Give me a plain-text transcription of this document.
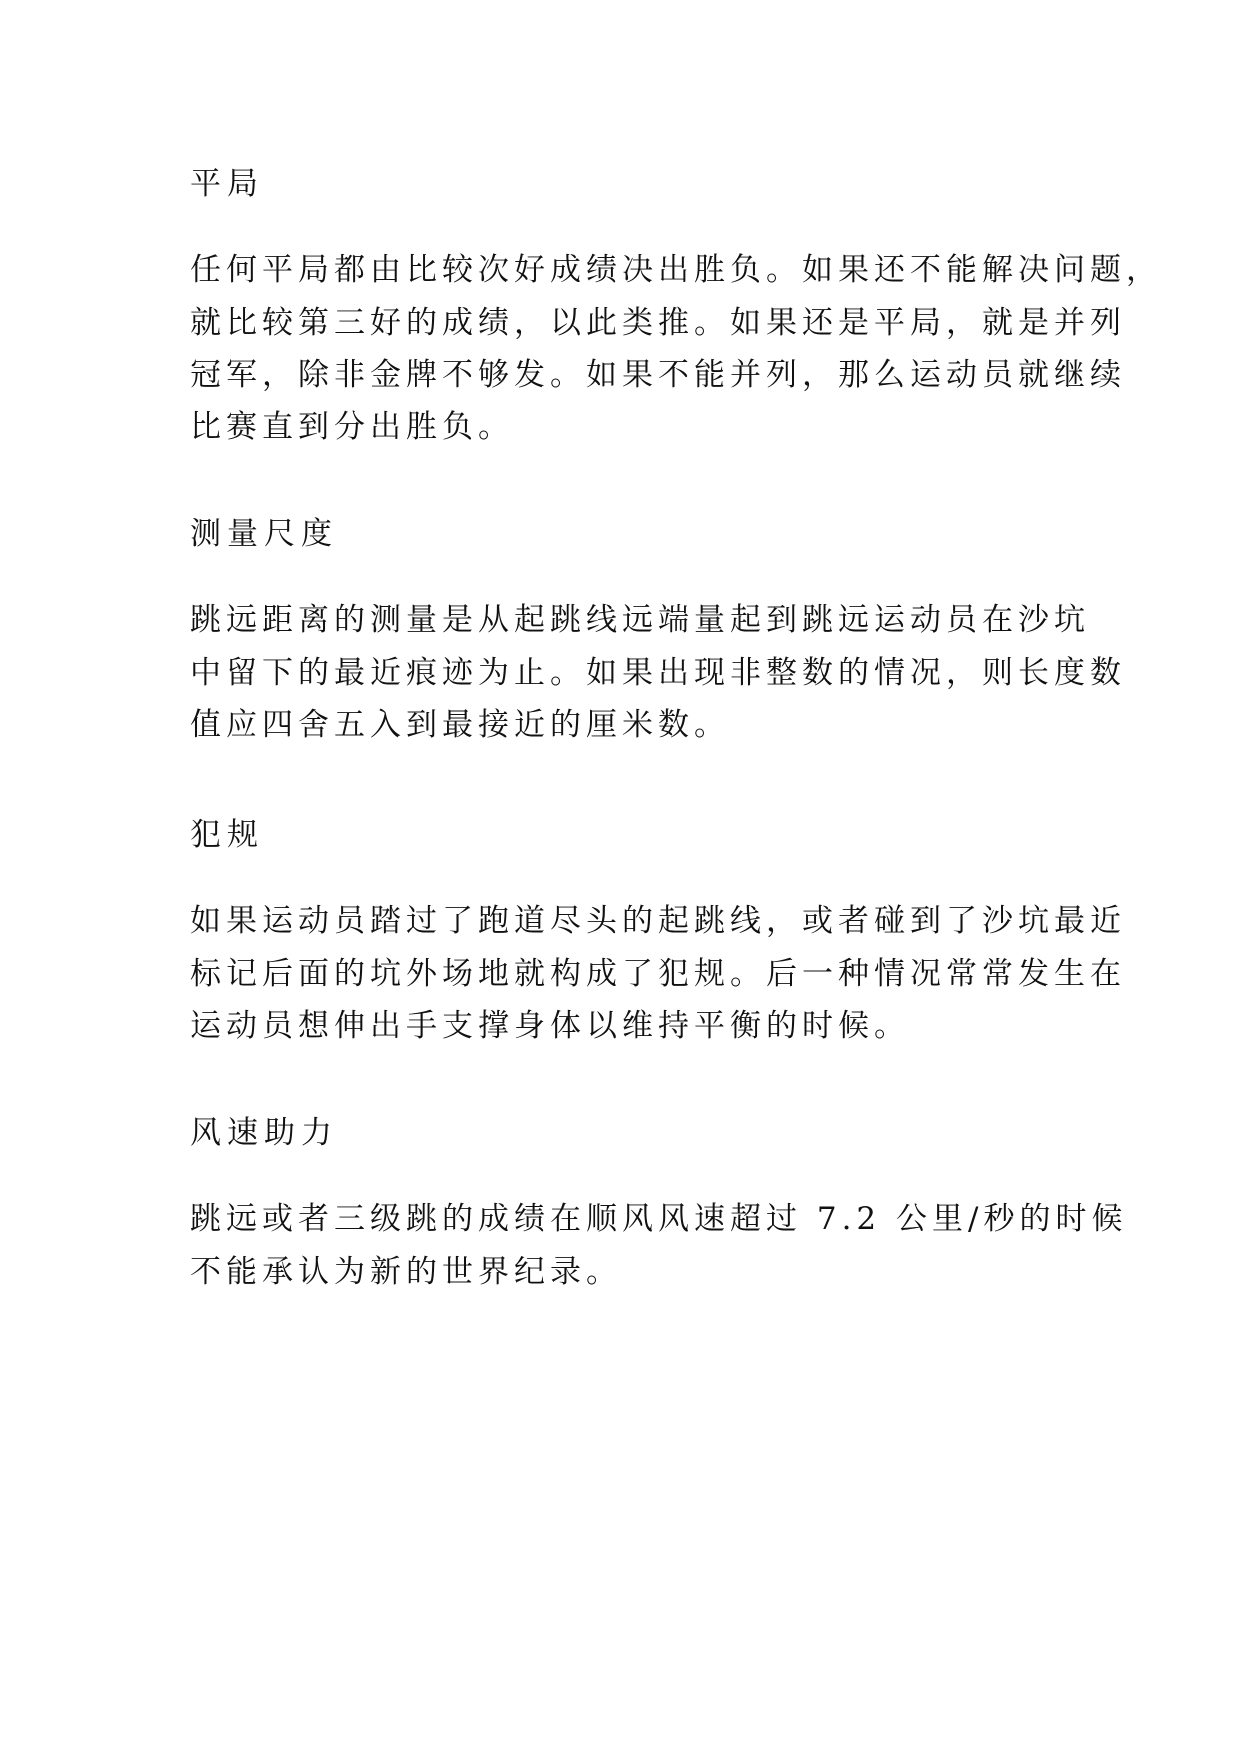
平局
任何平局都由比较次好成绩决出胜负。如果还不能解决问题，
就比较第三好的成绩，以此类推。如果还是平局，就是并列
冠军，除非金牌不够发。如果不能并列，那么运动员就继续
比赛直到分出胜负。
测量尺度
跳远距离的测量是从起跳线远端量起到跳远运动员在沙坑
中留下的最近痕迹为止。如果出现非整数的情况，则长度数
值应四舍五入到最接近的厘米数。
犯规
如果运动员踏过了跑道尽头的起跳线，或者碰到了沙坑最近
标记后面的坑外场地就构成了犯规。后一种情况常常发生在
运动员想伸出手支撑身体以维持平衡的时候。
风速助力
跳远或者三级跳的成绩在顺风风速超过 7.2 公里/秒的时候
不能承认为新的世界纪录。
